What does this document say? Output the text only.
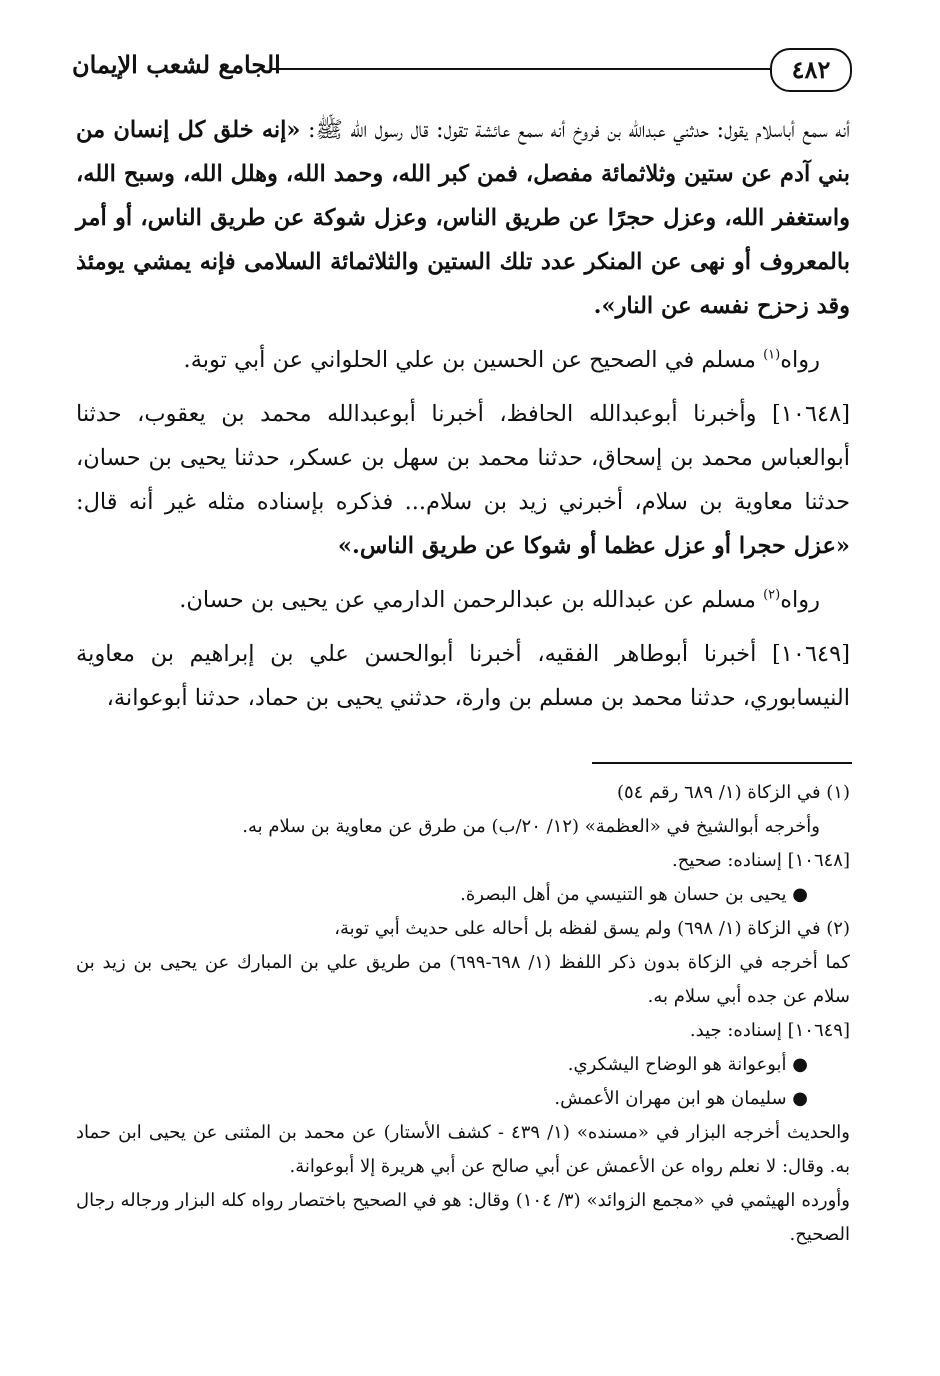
٤٨٢
الجامع لشعب الإيمان

أنه سمع أباسلام يقول: حدثني عبدالله بن فروخ أنه سمع عائشة تقول: قال رسول الله ﷺ: «إنه خلق كل إنسان من بني آدم عن ستين وثلاثمائة مفصل، فمن كبر الله، وحمد الله، وهلل الله، وسبح الله، واستغفر الله، وعزل حجرًا عن طريق الناس، وعزل شوكة عن طريق الناس، أو أمر بالمعروف أو نهى عن المنكر عدد تلك الستين والثلاثمائة السلامى فإنه يمشي يومئذ وقد زحزح نفسه عن النار».

رواه$^{(١)}$ مسلم في الصحيح عن الحسين بن علي الحلواني عن أبي توبة.

[١٠٦٤٨] وأخبرنا أبوعبدالله الحافظ، أخبرنا أبوعبدالله محمد بن يعقوب، حدثنا أبوالعباس محمد بن إسحاق، حدثنا محمد بن سهل بن عسكر، حدثنا يحيى بن حسان، حدثنا معاوية بن سلام، أخبرني زيد بن سلام... فذكره بإسناده مثله غير أنه قال: «عزل حجرا أو عزل عظما أو شوكا عن طريق الناس.»

رواه$^{(٢)}$ مسلم عن عبدالله بن عبدالرحمن الدارمي عن يحيى بن حسان.

[١٠٦٤٩] أخبرنا أبوطاهر الفقيه، أخبرنا أبوالحسن علي بن إبراهيم بن معاوية النيسابوري، حدثنا محمد بن مسلم بن وارة، حدثني يحيى بن حماد، حدثنا أبوعوانة،

(١) في الزكاة (١/ ٦٨٩ رقم ٥٤)

وأخرجه أبوالشيخ في «العظمة» (١٢/ ٢٠/ب) من طرق عن معاوية بن سلام به.

[١٠٦٤٨] إسناده: صحيح.

● يحيى بن حسان هو التنيسي من أهل البصرة.

(٢) في الزكاة (١/ ٦٩٨) ولم يسق لفظه بل أحاله على حديث أبي توبة،

كما أخرجه في الزكاة بدون ذكر اللفظ (١/ ٦٩٨-٦٩٩) من طريق علي بن المبارك عن يحيى بن زيد بن سلام عن جده أبي سلام به.

[١٠٦٤٩] إسناده: جيد.

● أبوعوانة هو الوضاح اليشكري.

● سليمان هو ابن مهران الأعمش.

والحديث أخرجه البزار في «مسنده» (١/ ٤٣٩ - كشف الأستار) عن محمد بن المثنى عن يحيى ابن حماد به. وقال: لا نعلم رواه عن الأعمش عن أبي صالح عن أبي هريرة إلا أبوعوانة.

وأورده الهيثمي في «مجمع الزوائد» (٣/ ١٠٤) وقال: هو في الصحيح باختصار رواه كله البزار ورجاله رجال الصحيح.
